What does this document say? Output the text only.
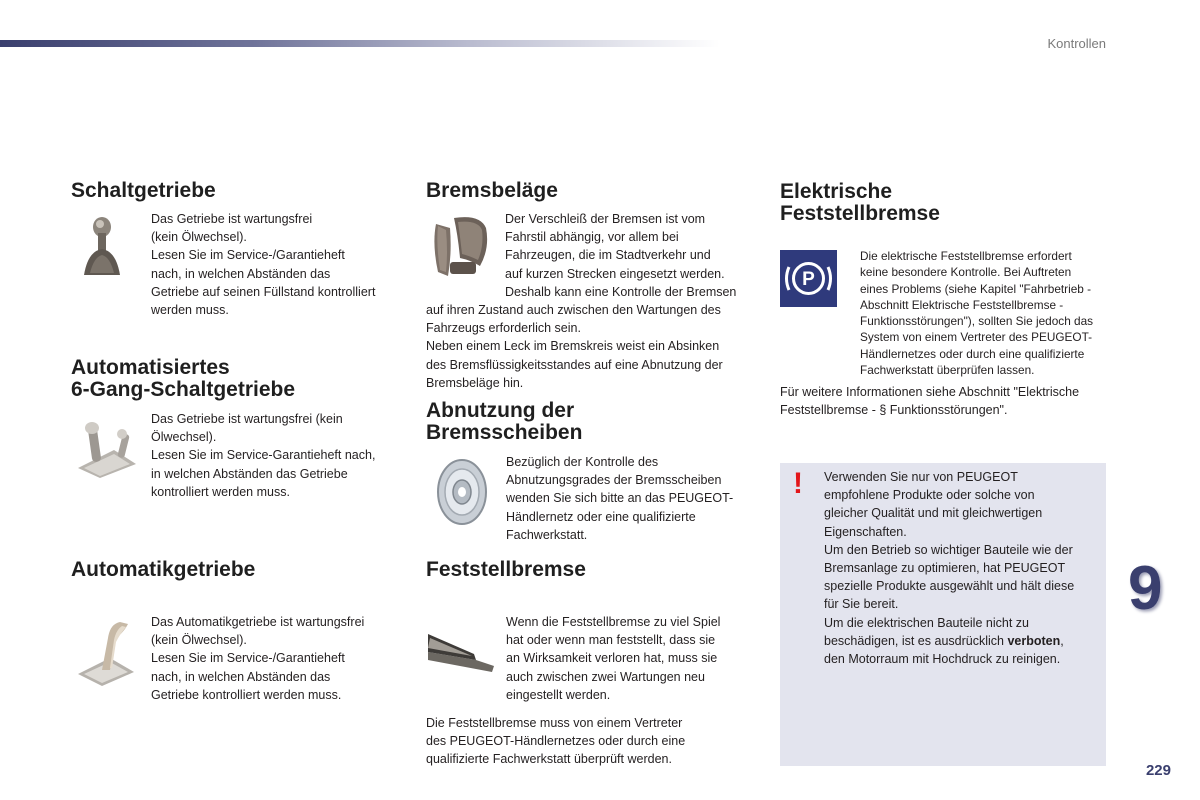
Kontrollen
Schaltgetriebe

Das Getriebe ist wartungsfrei

(kein Ölwechsel).

Lesen Sie im Service-/Garantieheft

nach, in welchen Abständen das

Getriebe auf seinen Füllstand kontrolliert

werden muss.

Automatisiertes
6-Gang-Schaltgetriebe

Das Getriebe ist wartungsfrei (kein

Ölwechsel).

Lesen Sie im Service-Garantieheft nach,

in welchen Abständen das Getriebe

kontrolliert werden muss.

Automatikgetriebe

Das Automatikgetriebe ist wartungsfrei

(kein Ölwechsel).

Lesen Sie im Service-/Garantieheft

nach, in welchen Abständen das

Getriebe kontrolliert werden muss.

Bremsbeläge

Der Verschleiß der Bremsen ist vom

Fahrstil abhängig, vor allem bei

Fahrzeugen, die im Stadtverkehr und

auf kurzen Strecken eingesetzt werden.

Deshalb kann eine Kontrolle der Bremsen

auf ihren Zustand auch zwischen den Wartungen des

Fahrzeugs erforderlich sein.

Neben einem Leck im Bremskreis weist ein Absinken

des Bremsflüssigkeitsstandes auf eine Abnutzung der

Bremsbeläge hin.

Abnutzung der
Bremsscheiben

Bezüglich der Kontrolle des

Abnutzungsgrades der Bremsscheiben

wenden Sie sich bitte an das PEUGEOT-

Händlernetz oder eine qualifizierte

Fachwerkstatt.

Feststellbremse

Wenn die Feststellbremse zu viel Spiel

hat oder wenn man feststellt, dass sie

an Wirksamkeit verloren hat, muss sie

auch zwischen zwei Wartungen neu

eingestellt werden.

Die Feststellbremse muss von einem Vertreter

des PEUGEOT-Händlernetzes oder durch eine

qualifizierte Fachwerkstatt überprüft werden.

Elektrische
Feststellbremse
P

Die elektrische Feststellbremse erfordert

keine besondere Kontrolle. Bei Auftreten

eines Problems (siehe Kapitel "Fahrbetrieb -

Abschnitt Elektrische Feststellbremse -

Funktionsstörungen"), sollten Sie jedoch das

System von einem Vertreter des PEUGEOT-

Händlernetzes oder durch eine qualifizierte

Fachwerkstatt überprüfen lassen.

Für weitere Informationen siehe Abschnitt "Elektrische

Feststellbremse - § Funktionsstörungen".

! Verwenden Sie nur von PEUGEOT

empfohlene Produkte oder solche von

gleicher Qualität und mit gleichwertigen

Eigenschaften.

Um den Betrieb so wichtiger Bauteile wie der

Bremsanlage zu optimieren, hat PEUGEOT

spezielle Produkte ausgewählt und hält diese

für Sie bereit.

Um die elektrischen Bauteile nicht zu

beschädigen, ist es ausdrücklich verboten,

den Motorraum mit Hochdruck zu reinigen.

9
229
